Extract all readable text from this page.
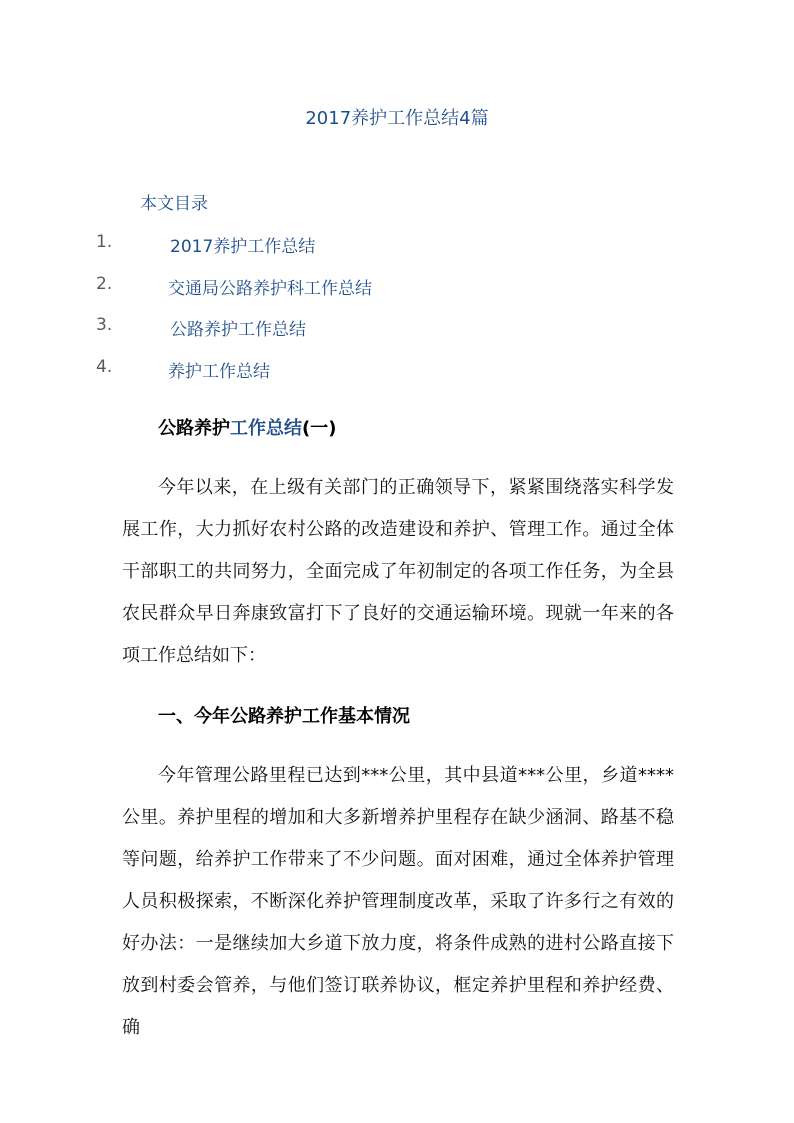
2017养护工作总结4篇
本文目录
1.	2017养护工作总结
2.	交通局公路养护科工作总结
3.	公路养护工作总结
4.	养护工作总结
公路养护工作总结(一)

今年以来，在上级有关部门的正确领导下，紧紧围绕落实科学发展工作，大力抓好农村公路的改造建设和养护、管理工作。通过全体干部职工的共同努力，全面完成了年初制定的各项工作任务，为全县农民群众早日奔康致富打下了良好的交通运输环境。现就一年来的各项工作总结如下：

一、今年公路养护工作基本情况

今年管理公路里程已达到***公里，其中县道***公里，乡道****公里。养护里程的增加和大多新增养护里程存在缺少涵洞、路基不稳等问题，给养护工作带来了不少问题。面对困难，通过全体养护管理人员积极探索，不断深化养护管理制度改革，采取了许多行之有效的好办法：一是继续加大乡道下放力度，将条件成熟的进村公路直接下放到村委会管养，与他们签订联养协议，框定养护里程和养护经费、确
